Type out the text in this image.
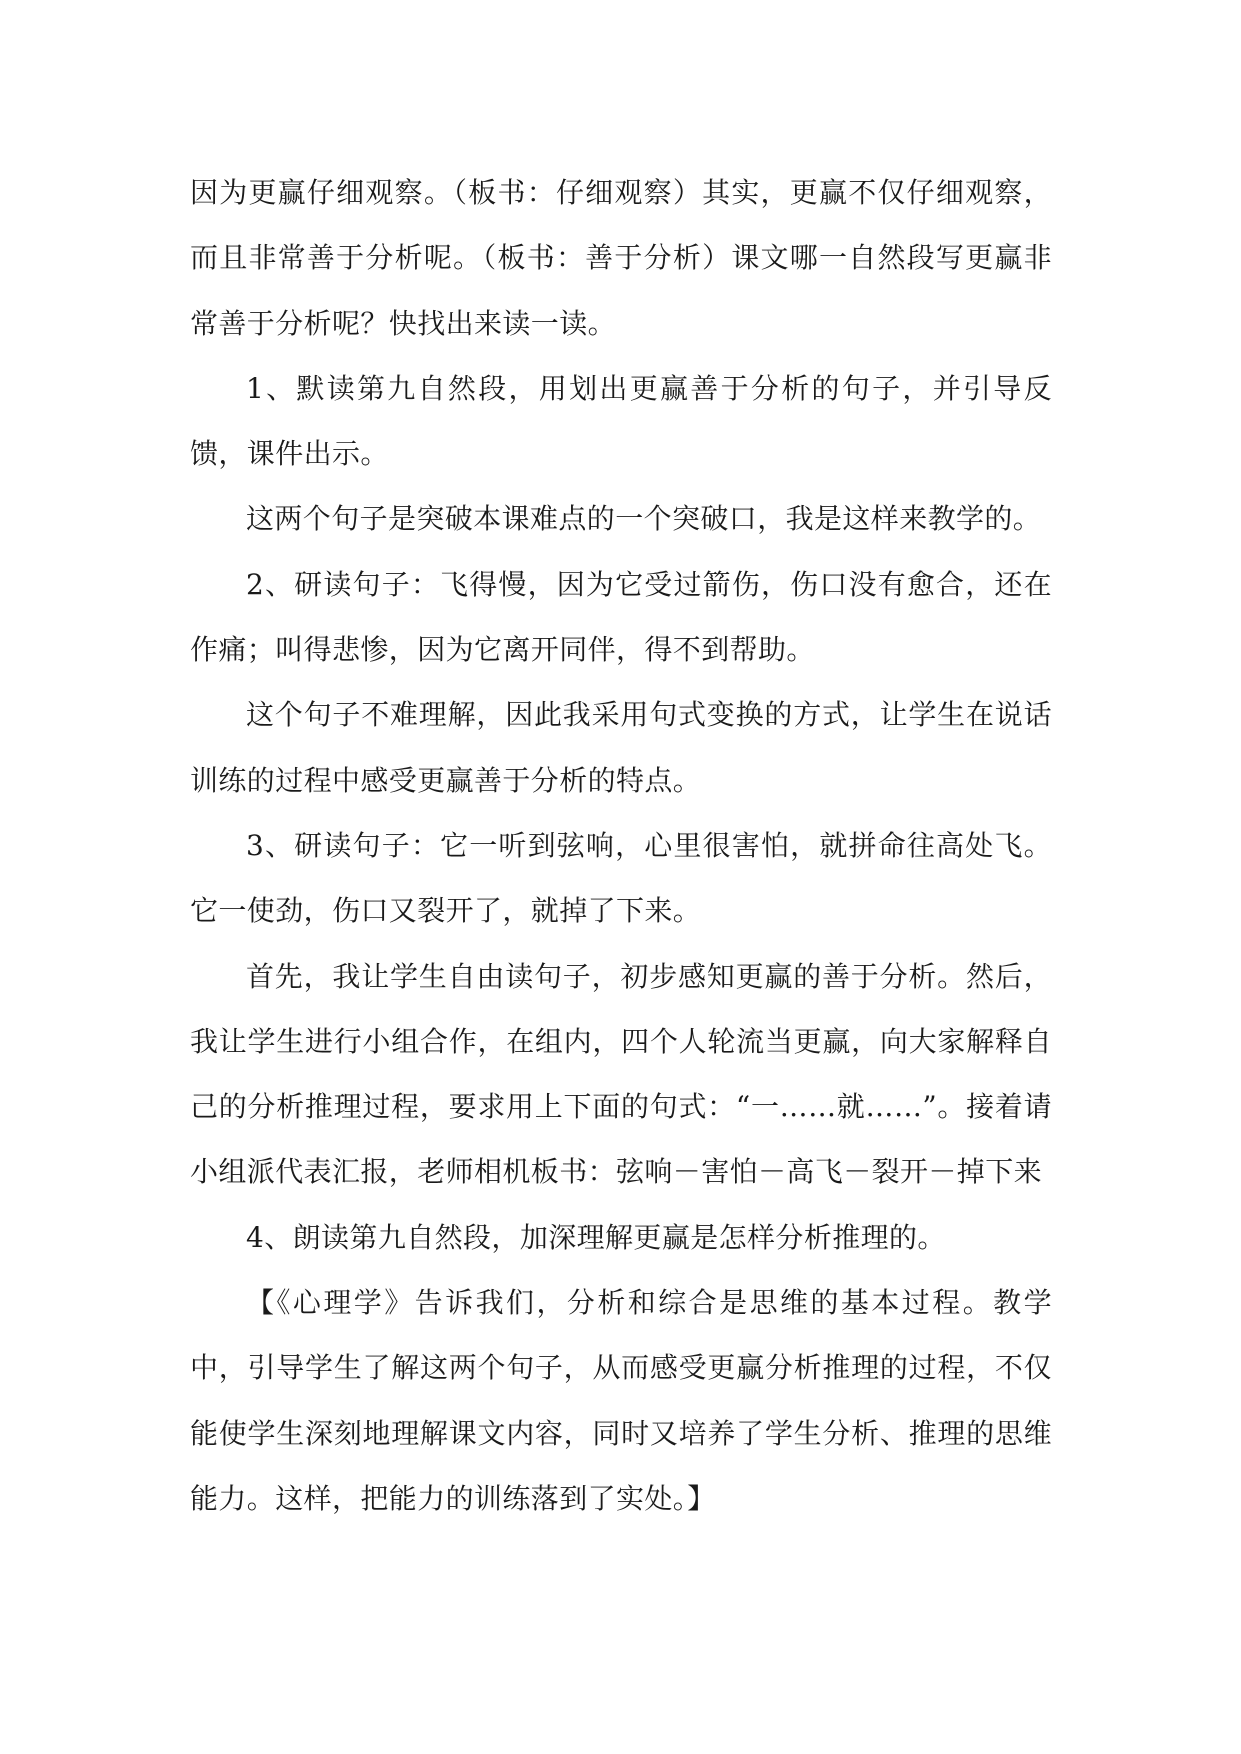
因为更赢仔细观察。（板书：仔细观察）其实，更赢不仅仔细观察，而且非常善于分析呢。（板书：善于分析）课文哪一自然段写更赢非常善于分析呢？快找出来读一读。

1、默读第九自然段，用划出更赢善于分析的句子，并引导反馈，课件出示。

这两个句子是突破本课难点的一个突破口，我是这样来教学的。

2、研读句子：飞得慢，因为它受过箭伤，伤口没有愈合，还在作痛；叫得悲惨，因为它离开同伴，得不到帮助。

这个句子不难理解，因此我采用句式变换的方式，让学生在说话训练的过程中感受更赢善于分析的特点。

3、研读句子：它一听到弦响，心里很害怕，就拼命往高处飞。它一使劲，伤口又裂开了，就掉了下来。

首先，我让学生自由读句子，初步感知更赢的善于分析。然后，我让学生进行小组合作，在组内，四个人轮流当更赢，向大家解释自己的分析推理过程，要求用上下面的句式：“一……就……”。接着请小组派代表汇报，老师相机板书：弦响－害怕－高飞－裂开－掉下来

4、朗读第九自然段，加深理解更赢是怎样分析推理的。

【《心理学》告诉我们，分析和综合是思维的基本过程。教学中，引导学生了解这两个句子，从而感受更赢分析推理的过程，不仅能使学生深刻地理解课文内容，同时又培养了学生分析、推理的思维能力。这样，把能力的训练落到了实处。】
